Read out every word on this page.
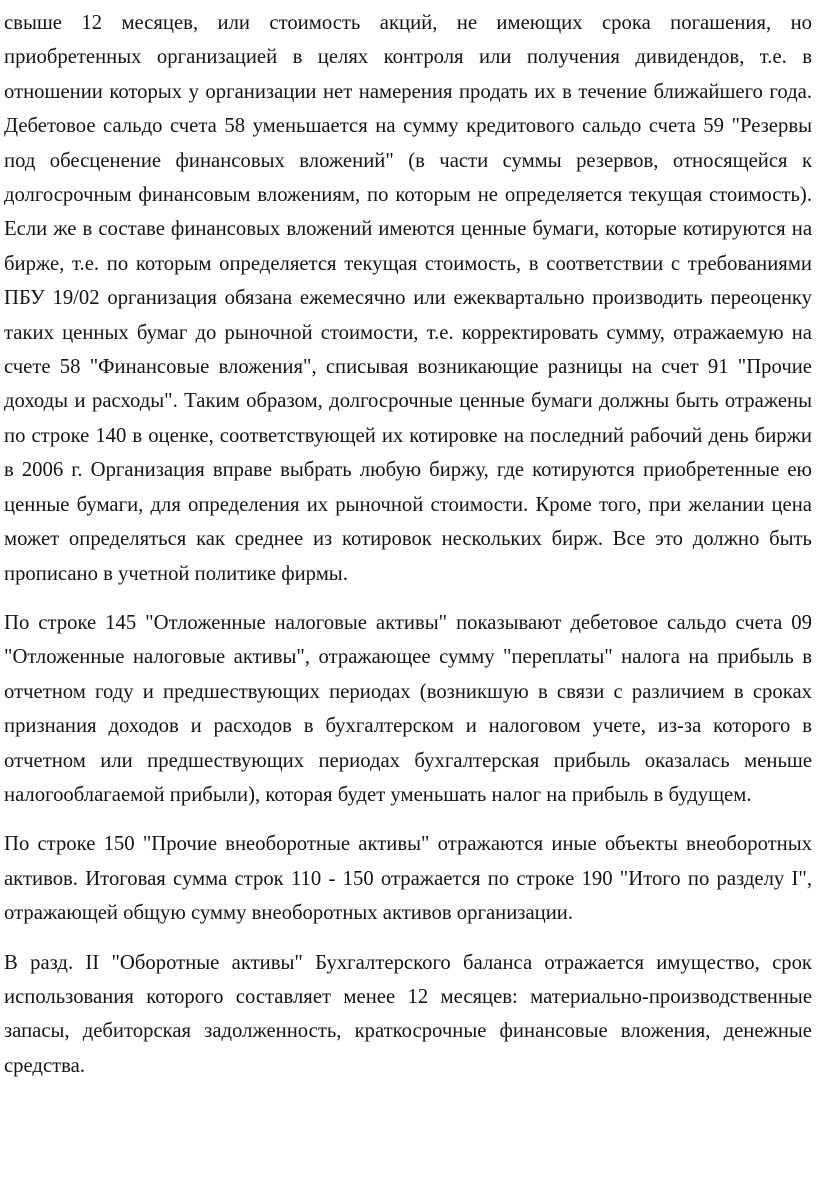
свыше 12 месяцев, или стоимость акций, не имеющих срока погашения, но приобретенных организацией в целях контроля или получения дивидендов, т.е. в отношении которых у организации нет намерения продать их в течение ближайшего года. Дебетовое сальдо счета 58 уменьшается на сумму кредитового сальдо счета 59 "Резервы под обесценение финансовых вложений" (в части суммы резервов, относящейся к долгосрочным финансовым вложениям, по которым не определяется текущая стоимость). Если же в составе финансовых вложений имеются ценные бумаги, которые котируются на бирже, т.е. по которым определяется текущая стоимость, в соответствии с требованиями ПБУ 19/02 организация обязана ежемесячно или ежеквартально производить переоценку таких ценных бумаг до рыночной стоимости, т.е. корректировать сумму, отражаемую на счете 58 "Финансовые вложения", списывая возникающие разницы на счет 91 "Прочие доходы и расходы". Таким образом, долгосрочные ценные бумаги должны быть отражены по строке 140 в оценке, соответствующей их котировке на последний рабочий день биржи в 2006 г. Организация вправе выбрать любую биржу, где котируются приобретенные ею ценные бумаги, для определения их рыночной стоимости. Кроме того, при желании цена может определяться как среднее из котировок нескольких бирж. Все это должно быть прописано в учетной политике фирмы.

По строке 145 "Отложенные налоговые активы" показывают дебетовое сальдо счета 09 "Отложенные налоговые активы", отражающее сумму "переплаты" налога на прибыль в отчетном году и предшествующих периодах (возникшую в связи с различием в сроках признания доходов и расходов в бухгалтерском и налоговом учете, из-за которого в отчетном или предшествующих периодах бухгалтерская прибыль оказалась меньше налогооблагаемой прибыли), которая будет уменьшать налог на прибыль в будущем.

По строке 150 "Прочие внеоборотные активы" отражаются иные объекты внеоборотных активов. Итоговая сумма строк 110 - 150 отражается по строке 190 "Итого по разделу I", отражающей общую сумму внеоборотных активов организации.

В разд. II "Оборотные активы" Бухгалтерского баланса отражается имущество, срок использования которого составляет менее 12 месяцев: материально-производственные запасы, дебиторская задолженность, краткосрочные финансовые вложения, денежные средства.
